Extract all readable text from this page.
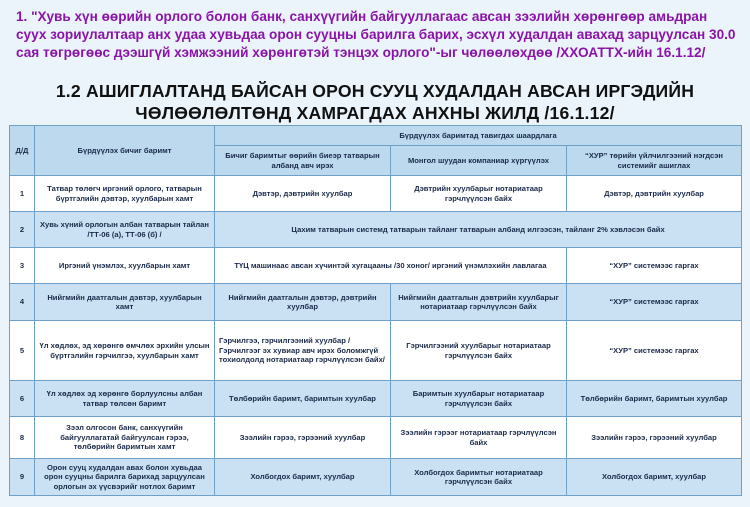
1. "Хувь хүн өөрийн орлого болон банк, санхүүгийн байгууллагаас авсан зээлийн хөрөнгөөр амьдран суух зориулалтаар анх удаа хувьдаа орон сууцны барилга барих, эсхүл худалдан авахад зарцуулсан 30.0 сая төгрөгөөс дээшгүй хэмжээний хөрөнгөтэй тэнцэх орлого"-ыг чөлөөлөхдөө /ХХОАТТХ-ийн 16.1.12/
1.2 АШИГЛАЛТАНД БАЙСАН ОРОН СУУЦ ХУДАЛДАН АВСАН ИРГЭДИЙН
ЧӨЛӨӨЛӨЛТӨНД ХАМРАГДАХ АНХНЫ ЖИЛД /16.1.12/
Д/Д	Бүрдүүлэх бичиг баримт	Бүрдүүлэх баримтад тавигдах шаардлага		
		Бичиг баримтыг өөрийн биеэр татварын албанд авч ирэх	Монгол шуудан компаниар хүргүүлэх	“ХУР” төрийн үйлчилгээний нэгдсэн системийг ашиглах
1	Татвар төлөгч иргэний орлого, татварын бүртгэлийн дэвтэр, хуулбарын хамт	Дэвтэр, дэвтрийн хуулбар	Дэвтрийн хуулбарыг нотариатаар гэрчлүүлсэн байх	Дэвтэр, дэвтрийн хуулбар
2	Хувь хүний орлогын албан татварын тайлан /ТТ-06 (а), ТТ-06 (б) /	Цахим татварын системд татварын тайланг татварын албанд илгээсэн, тайланг 2% хэвлэсэн байх		
3	Иргэний үнэмлэх, хуулбарын хамт	ТҮЦ машинаас авсан хүчинтэй хугацааны /30 хоног/ иргэний үнэмлэхийн лавлагаа		“ХУР” системээс гаргах
4	Нийгмийн даатгалын дэвтэр, хуулбарын хамт	Нийгмийн даатгалын дэвтэр, дэвтрийн хуулбар	Нийгмийн даатгалын дэвтрийн хуулбарыг нотариатаар гэрчлүүлсэн байх	“ХУР” системээс гаргах
5	Үл хөдлөх, эд хөрөнгө өмчлөх эрхийн улсын бүртгэлийн гэрчилгээ, хуулбарын хамт	Гэрчилгээ, гэрчилгээний хуулбар /Гэрчилгээг эх хувиар авч ирэх боломжгүй тохиолдолд нотариатаар гэрчлүүлсэн байх/	Гэрчилгээний хуулбарыг нотариатаар гэрчлүүлсэн байх	“ХУР” системээс гаргах
6	Үл хөдлөх эд хөрөнгө борлуулсны албан татвар төлсөн баримт	Төлбөрийн баримт, баримтын хуулбар	Баримтын хуулбарыг нотариатаар гэрчлүүлсэн байх	Төлбөрийн баримт, баримтын хуулбар
8	Зээл олгосон банк, санхүүгийн байгууллагатай байгуулсан гэрээ, төлбөрийн баримтын хамт	Зээлийн гэрээ, гэрээний хуулбар	Зээлийн гэрээг нотариатаар гэрчлүүлсэн байх	Зээлийн гэрээ, гэрээний хуулбар
9	Орон сууц худалдан авах болон хувьдаа орон сууцны барилга барихад зарцуулсан орлогын эх үүсвэрийг нотлох баримт	Холбогдох баримт, хуулбар	Холбогдох баримтыг нотариатаар гэрчлүүлсэн байх	Холбогдох баримт, хуулбар
